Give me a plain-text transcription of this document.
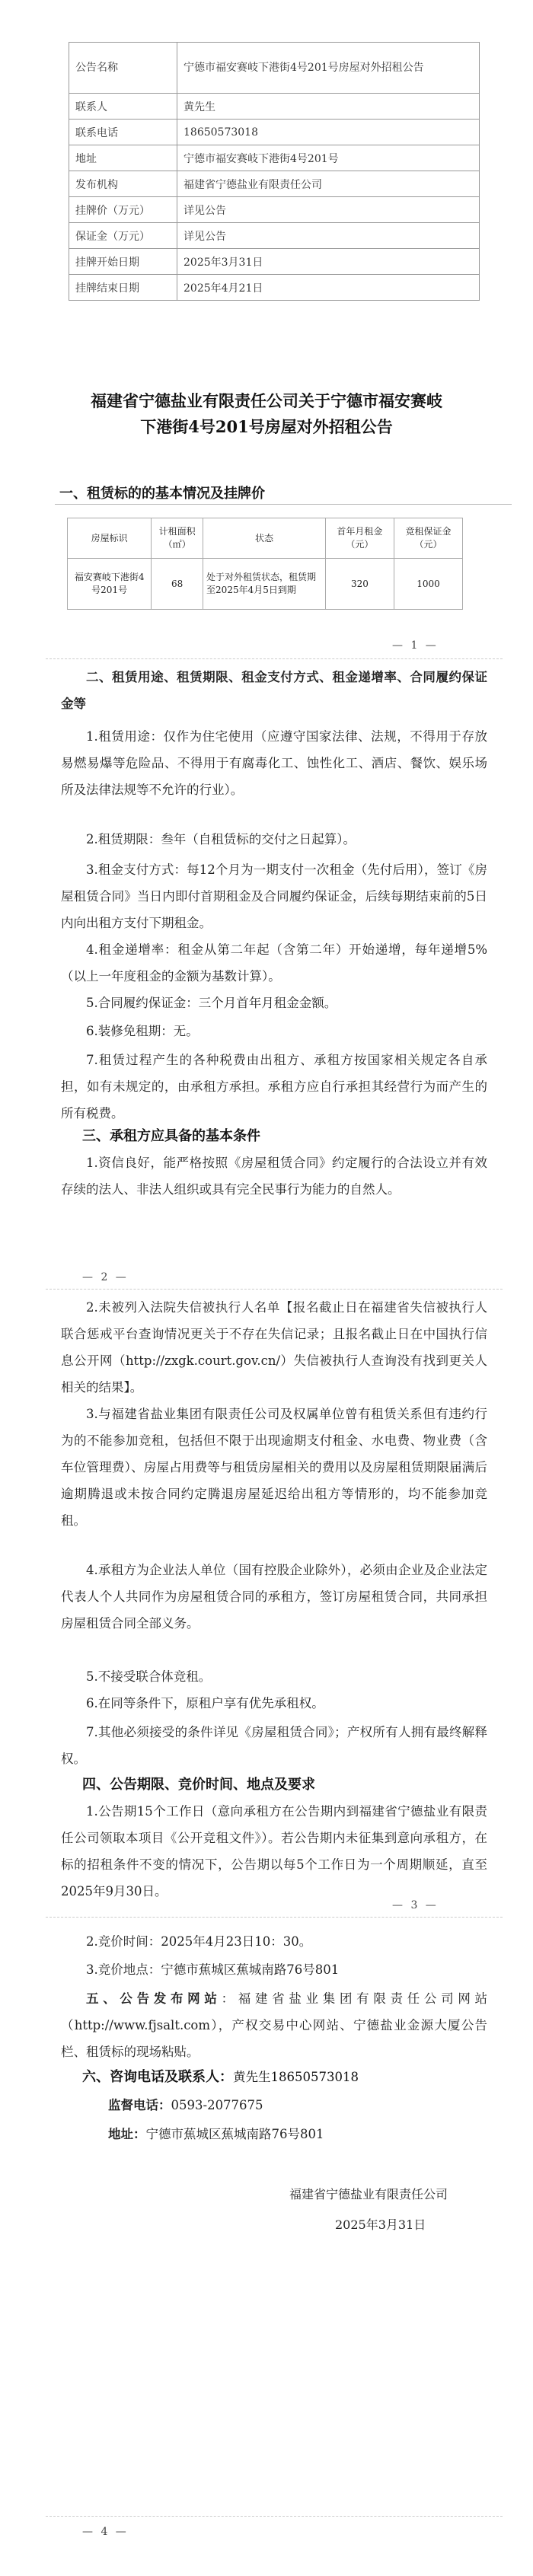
公告名称	宁德市福安赛岐下港街4号201号房屋对外招租公告
联系人	黄先生
联系电话	18650573018
地址	宁德市福安赛岐下港街4号201号
发布机构	福建省宁德盐业有限责任公司
挂牌价（万元）	详见公告
保证金（万元）	详见公告
挂牌开始日期	2025年3月31日
挂牌结束日期	2025年4月21日
福建省宁德盐业有限责任公司关于宁德市福安赛岐
下港街4号201号房屋对外招租公告
一、租赁标的的基本情况及挂牌价
房屋标识	计租面积（㎡）	状态	首年月租金（元）	竞租保证金（元）
福安赛岐下港街4号201号	68	处于对外租赁状态，租赁期至2025年4月5日到期	320	1000
— 1 —

二、租赁用途、租赁期限、租金支付方式、租金递增率、合同履约保证金等

1.租赁用途：仅作为住宅使用（应遵守国家法律、法规，不得用于存放易燃易爆等危险品、不得用于有腐毒化工、蚀性化工、酒店、餐饮、娱乐场所及法律法规等不允许的行业）。

2.租赁期限：叁年（自租赁标的交付之日起算）。

3.租金支付方式：每12个月为一期支付一次租金（先付后用），签订《房屋租赁合同》当日内即付首期租金及合同履约保证金，后续每期结束前的5日内向出租方支付下期租金。

4.租金递增率：租金从第二年起（含第二年）开始递增，每年递增5%（以上一年度租金的金额为基数计算）。

5.合同履约保证金：三个月首年月租金金额。

6.装修免租期：无。

7.租赁过程产生的各种税费由出租方、承租方按国家相关规定各自承担，如有未规定的，由承租方承担。承租方应自行承担其经营行为而产生的所有税费。

三、承租方应具备的基本条件

1.资信良好，能严格按照《房屋租赁合同》约定履行的合法设立并有效存续的法人、非法人组织或具有完全民事行为能力的自然人。

— 2 —

2.未被列入法院失信被执行人名单【报名截止日在福建省失信被执行人联合惩戒平台查询情况更关于不存在失信记录；且报名截止日在中国执行信息公开网（http://zxgk.court.gov.cn/）失信被执行人查询没有找到更关人相关的结果】。

3.与福建省盐业集团有限责任公司及权属单位曾有租赁关系但有违约行为的不能参加竞租，包括但不限于出现逾期支付租金、水电费、物业费（含车位管理费）、房屋占用费等与租赁房屋相关的费用以及房屋租赁期限届满后逾期腾退或未按合同约定腾退房屋延迟给出租方等情形的，均不能参加竞租。

4.承租方为企业法人单位（国有控股企业除外），必须由企业及企业法定代表人个人共同作为房屋租赁合同的承租方，签订房屋租赁合同，共同承担房屋租赁合同全部义务。

5.不接受联合体竞租。

6.在同等条件下，原租户享有优先承租权。

7.其他必须接受的条件详见《房屋租赁合同》；产权所有人拥有最终解释权。

四、公告期限、竞价时间、地点及要求

1.公告期15个工作日（意向承租方在公告期内到福建省宁德盐业有限责任公司领取本项目《公开竞租文件》）。若公告期内未征集到意向承租方，在标的招租条件不变的情况下，公告期以每5个工作日为一个周期顺延，直至2025年9月30日。

— 3 —

2.竞价时间：2025年4月23日10：30。

3.竞价地点：宁德市蕉城区蕉城南路76号801

五、公告发布网站：福建省盐业集团有限责任公司网站（http://www.fjsalt.com），产权交易中心网站、宁德盐业金源大厦公告栏、租赁标的现场粘贴。

六、咨询电话及联系人：黄先生18650573018
监督电话：0593-2077675
地址：宁德市蕉城区蕉城南路76号801
福建省宁德盐业有限责任公司
2025年3月31日
— 4 —
